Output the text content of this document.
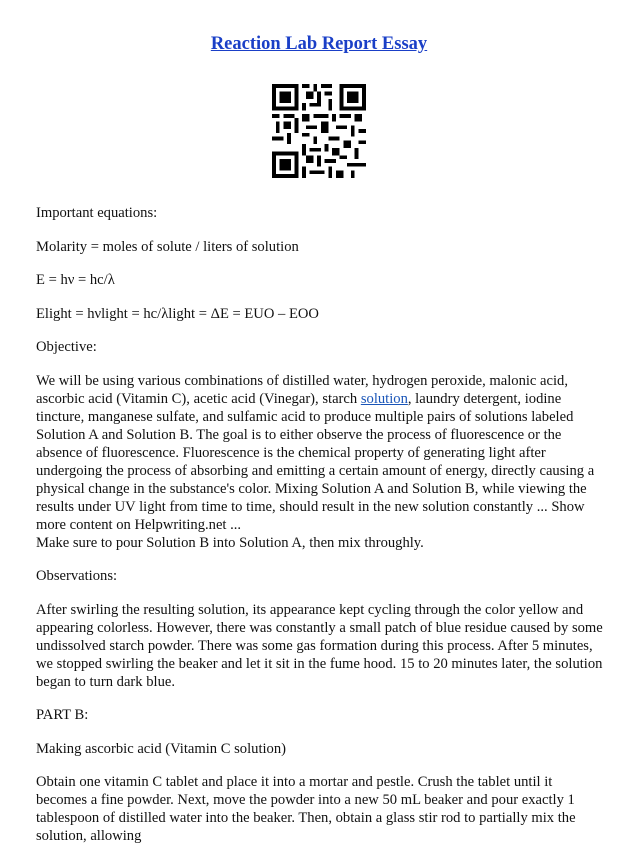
Reaction Lab Report Essay

Important equations:

Molarity = moles of solute / liters of solution

E = hν = hc/λ

Elight = hνlight = hc/λlight = ΔE = EUO – EOO

Objective:

We will be using various combinations of distilled water, hydrogen peroxide, malonic acid, ascorbic acid (Vitamin C), acetic acid (Vinegar), starch solution, laundry detergent, iodine tincture, manganese sulfate, and sulfamic acid to produce multiple pairs of solutions labeled Solution A and Solution B. The goal is to either observe the process of fluorescence or the absence of fluorescence. Fluorescence is the chemical property of generating light after undergoing the process of absorbing and emitting a certain amount of energy, directly causing a physical change in the substance's color. Mixing Solution A and Solution B, while viewing the results under UV light from time to time, should result in the new solution constantly ... Show more content on Helpwriting.net ...
Make sure to pour Solution B into Solution A, then mix throughly.

Observations:

After swirling the resulting solution, its appearance kept cycling through the color yellow and appearing colorless. However, there was constantly a small patch of blue residue caused by some undissolved starch powder. There was some gas formation during this process. After 5 minutes, we stopped swirling the beaker and let it sit in the fume hood. 15 to 20 minutes later, the solution began to turn dark blue.

PART B:

Making ascorbic acid (Vitamin C solution)

Obtain one vitamin C tablet and place it into a mortar and pestle. Crush the tablet until it becomes a fine powder. Next, move the powder into a new 50 mL beaker and pour exactly 1 tablespoon of distilled water into the beaker. Then, obtain a glass stir rod to partially mix the solution, allowing
